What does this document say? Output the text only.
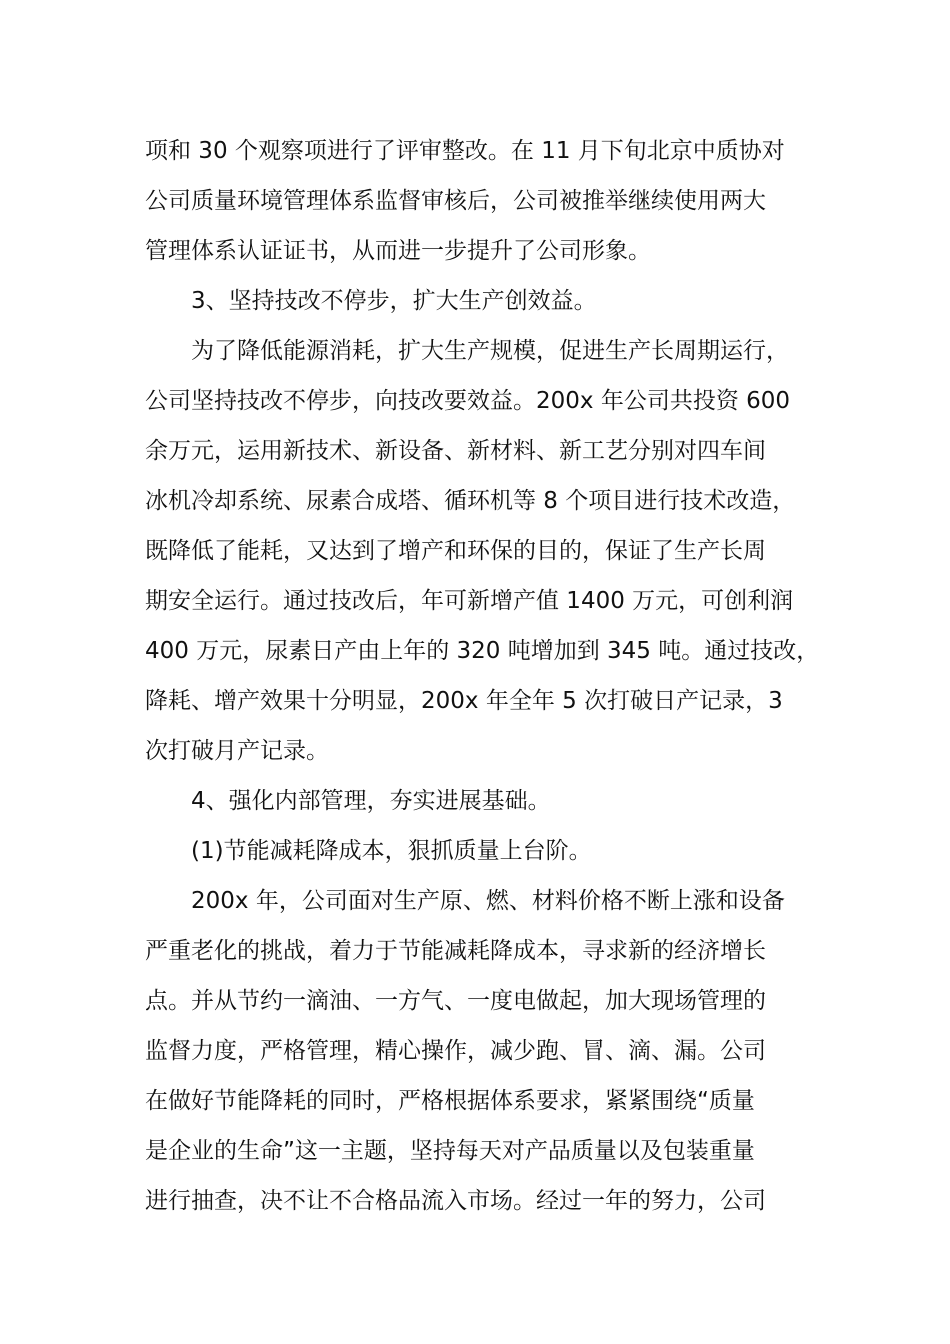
项和 30 个观察项进行了评审整改。在 11 月下旬北京中质协对
公司质量环境管理体系监督审核后，公司被推举继续使用两大
管理体系认证证书，从而进一步提升了公司形象。
3、坚持技改不停步，扩大生产创效益。
为了降低能源消耗，扩大生产规模，促进生产长周期运行，
公司坚持技改不停步，向技改要效益。200x 年公司共投资 600
余万元，运用新技术、新设备、新材料、新工艺分别对四车间
冰机冷却系统、尿素合成塔、循环机等 8 个项目进行技术改造，
既降低了能耗，又达到了增产和环保的目的，保证了生产长周
期安全运行。通过技改后，年可新增产值 1400 万元，可创利润
400 万元，尿素日产由上年的 320 吨增加到 345 吨。通过技改，
降耗、增产效果十分明显，200x 年全年 5 次打破日产记录，3
次打破月产记录。
4、强化内部管理，夯实进展基础。
(1)节能减耗降成本，狠抓质量上台阶。
200x 年，公司面对生产原、燃、材料价格不断上涨和设备
严重老化的挑战，着力于节能减耗降成本，寻求新的经济增长
点。并从节约一滴油、一方气、一度电做起，加大现场管理的
监督力度，严格管理，精心操作，减少跑、冒、滴、漏。公司
在做好节能降耗的同时，严格根据体系要求，紧紧围绕“质量
是企业的生命”这一主题，坚持每天对产品质量以及包装重量
进行抽查，决不让不合格品流入市场。经过一年的努力，公司
